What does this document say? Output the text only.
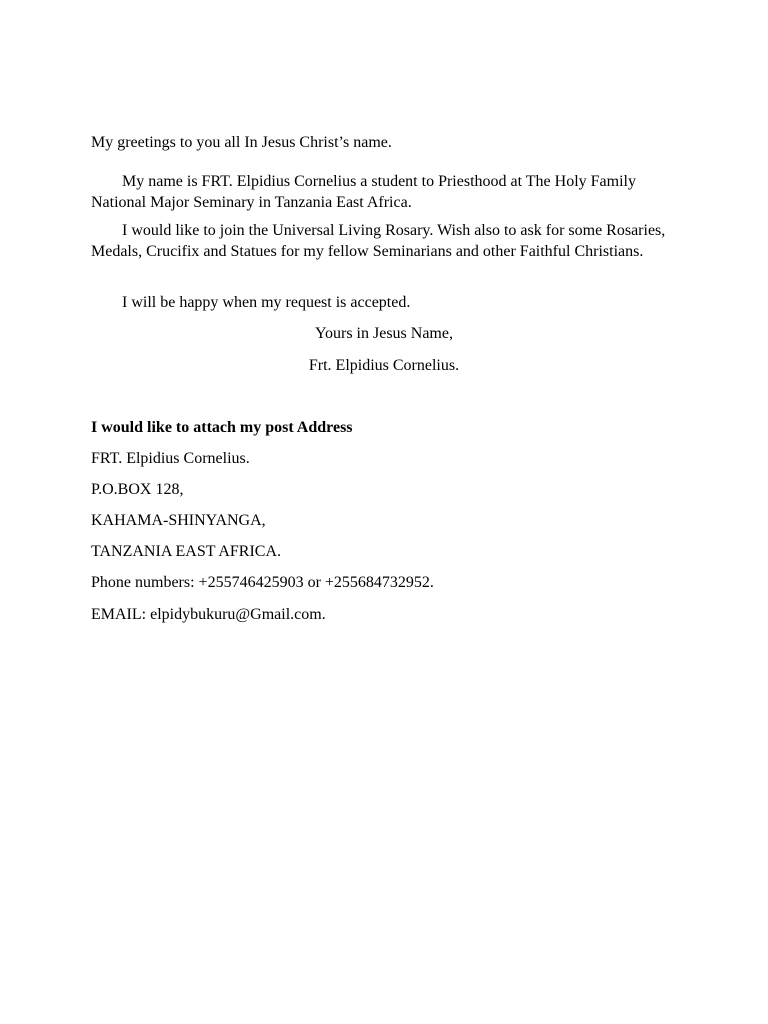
My greetings to you all In Jesus Christ’s name.

My name is FRT. Elpidius Cornelius a student to Priesthood at The Holy Family National Major Seminary in Tanzania East Africa.

I would like to join the Universal Living Rosary. Wish also to ask for some Rosaries, Medals, Crucifix and Statues for my fellow Seminarians and other Faithful Christians.

I will be happy when my request is accepted.

Yours in Jesus Name,

Frt. Elpidius Cornelius.

I would like to attach my post Address

FRT. Elpidius Cornelius.

P.O.BOX 128,

KAHAMA-SHINYANGA,

TANZANIA EAST AFRICA.

Phone numbers: +255746425903 or +255684732952.

EMAIL: elpidybukuru@Gmail.com.
